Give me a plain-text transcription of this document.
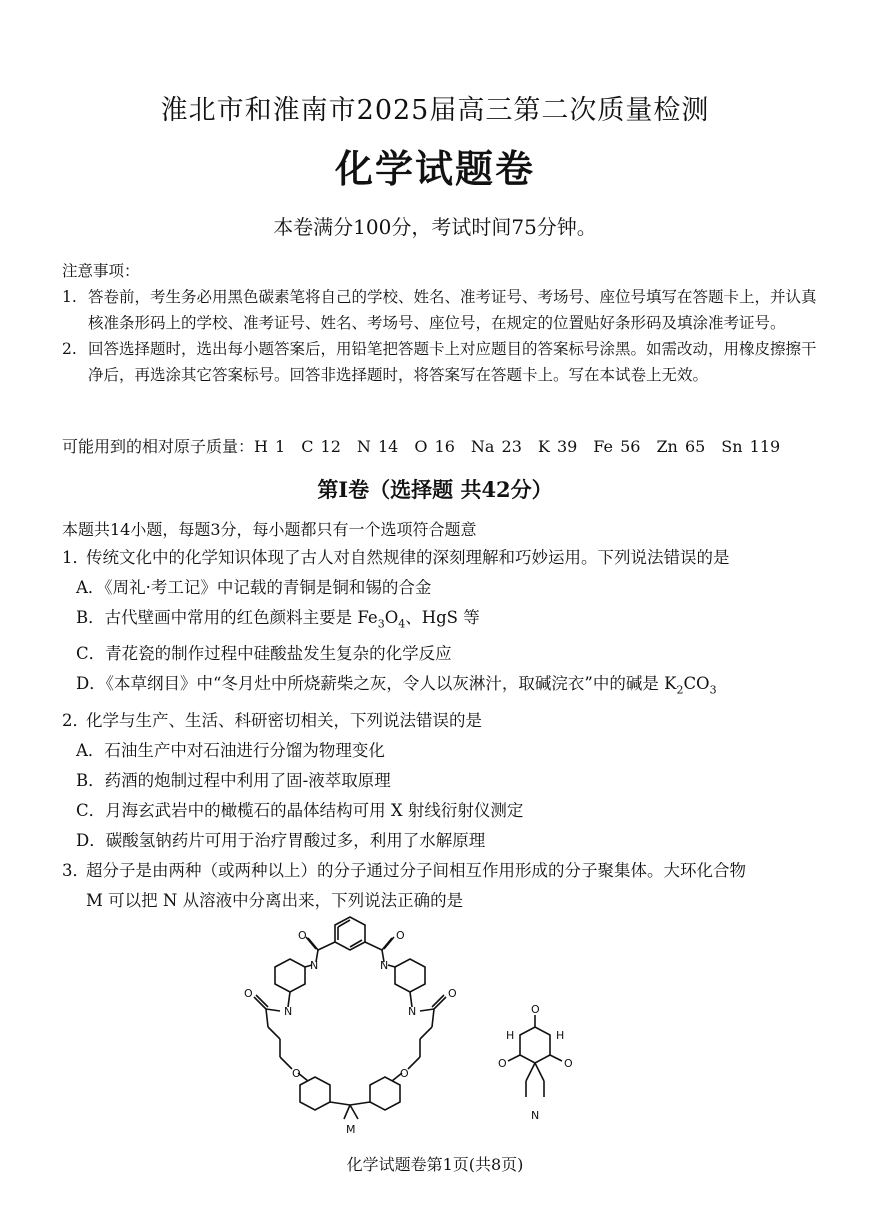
淮北市和淮南市2025届高三第二次质量检测
化学试题卷
本卷满分100分，考试时间75分钟。
注意事项：
1. 答卷前，考生务必用黑色碳素笔将自己的学校、姓名、准考证号、考场号、座位号填写在答题卡上，并认真核准条形码上的学校、准考证号、姓名、考场号、座位号，在规定的位置贴好条形码及填涂准考证号。
2. 回答选择题时，选出每小题答案后，用铅笔把答题卡上对应题目的答案标号涂黑。如需改动，用橡皮擦擦干净后，再选涂其它答案标号。回答非选择题时，将答案写在答题卡上。写在本试卷上无效。
可能用到的相对原子质量：H 1　C 12　N 14　O 16　Na 23　K 39　Fe 56　Zn 65　Sn 119
第Ⅰ卷（选择题 共42分）
本题共14小题，每题3分，每小题都只有一个选项符合题意
1．
传统文化中的化学知识体现了古人对自然规律的深刻理解和巧妙运用。下列说法错误的是
A．《周礼·考工记》中记载的青铜是铜和锡的合金
B．古代壁画中常用的红色颜料主要是 $Fe_3O_4$、HgS 等
C．青花瓷的制作过程中硅酸盐发生复杂的化学反应
D．《本草纲目》中“冬月灶中所烧薪柴之灰，令人以灰淋汁，取碱浣衣”中的碱是 $K_2CO_3$
2．
化学与生产、生活、科研密切相关，下列说法错误的是
A．石油生产中对石油进行分馏为物理变化
B．药酒的炮制过程中利用了固-液萃取原理
C．月海玄武岩中的橄榄石的晶体结构可用 X 射线衍射仪测定
D．碳酸氢钠药片可用于治疗胃酸过多，利用了水解原理
3．
超分子是由两种（或两种以上）的分子通过分子间相互作用形成的分子聚集体。大环化合物
M 可以把 N 从溶液中分离出来，下列说法正确的是
O	O
N	N
N	N
O	O
O	O
M
O
H	H
O	O
N
化学试题卷第1页(共8页)
